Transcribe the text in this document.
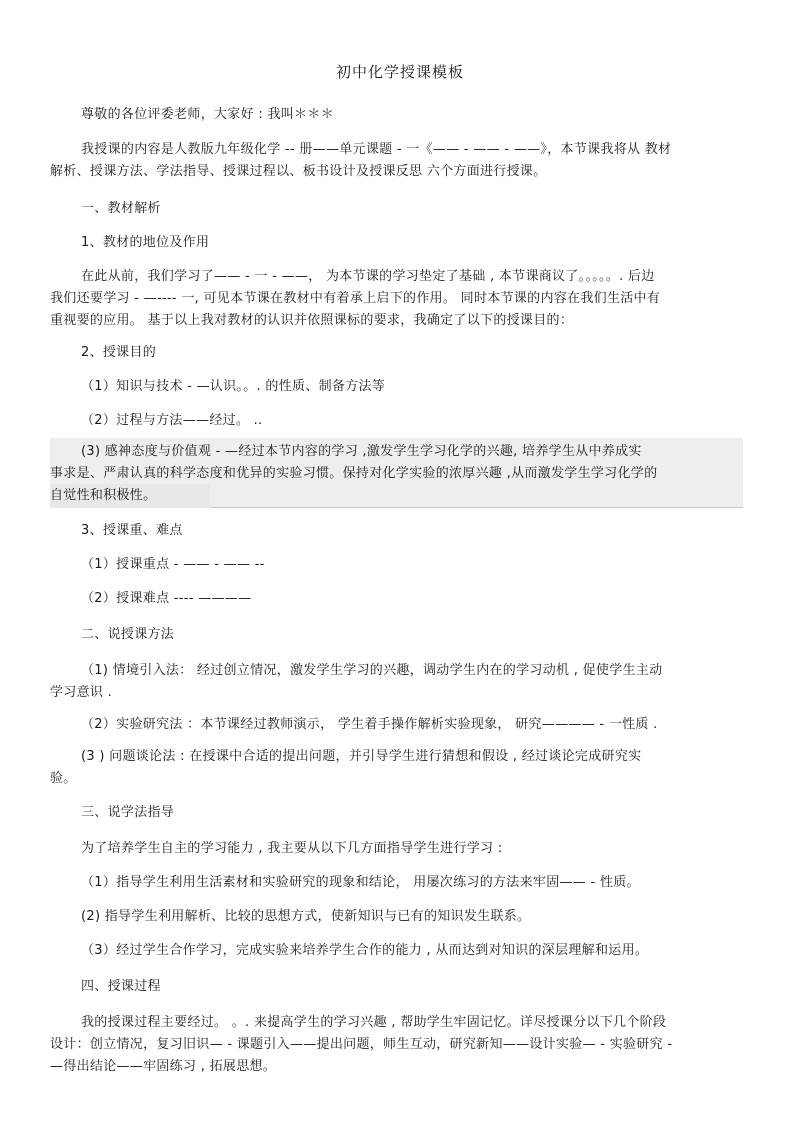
初中化学授课模板
尊敬的各位评委老师，大家好 : 我叫＊＊＊
我授课的内容是人教版九年级化学 -- 册——单元课题 - 一《—— - —— - ——》，本节课我将从 教材
解析、授课方法、学法指导、授课过程以、板书设计及授课反思 六个方面进行授课。
一、教材解析
1、教材的地位及作用
在此从前，我们学习了—— - 一 - ——， 为本节课的学习垫定了基础 , 本节课商议了。。。。。. 后边
我们还要学习 - —---- 一, 可见本节课在教材中有着承上启下的作用。 同时本节课的内容在我们生活中有
重视要的应用。 基于以上我对教材的认识并依照课标的要求，我确定了以下的授课目的：
2、授课目的
（1）知识与技术 - —认识。。. 的性质、制备方法等
（2）过程与方法——经过。 ..
(3) 感神态度与价值观 - —经过本节内容的学习 ,激发学生学习化学的兴趣, 培养学生从中养成实
事求是、严肃认真的科学态度和优异的实验习惯。保持对化学实验的浓厚兴趣 ,从而激发学生学习化学的
自觉性和积极性。
3、授课重、难点
（1）授课重点 - —— - —— --
（2）授课难点 ---- ————
二、说授课方法
（1) 情境引入法： 经过创立情况，激发学生学习的兴趣，调动学生内在的学习动机 , 促使学生主动
学习意识 .
（2）实验研究法 ：本节课经过教师演示， 学生着手操作解析实验现象， 研究———— - 一性质 .
(3 ) 问题谈论法 : 在授课中合适的提出问题，并引导学生进行猜想和假设 , 经过谈论完成研究实
验。
三、说学法指导
为了培养学生自主的学习能力 , 我主要从以下几方面指导学生进行学习 :
（1）指导学生利用生活素材和实验研究的现象和结论， 用屡次练习的方法来牢固—— - 性质。
(2) 指导学生利用解析、比较的思想方式，使新知识与已有的知识发生联系。
（3）经过学生合作学习，完成实验来培养学生合作的能力 , 从而达到对知识的深层理解和运用。
四、授课过程
我的授课过程主要经过。 。. 来提高学生的学习兴趣 , 帮助学生牢固记忆。详尽授课分以下几个阶段
设计：创立情况，复习旧识— - 课题引入——提出问题，师生互动，研究新知——设计实验— - 实验研究 -
—得出结论——牢固练习 , 拓展思想。
